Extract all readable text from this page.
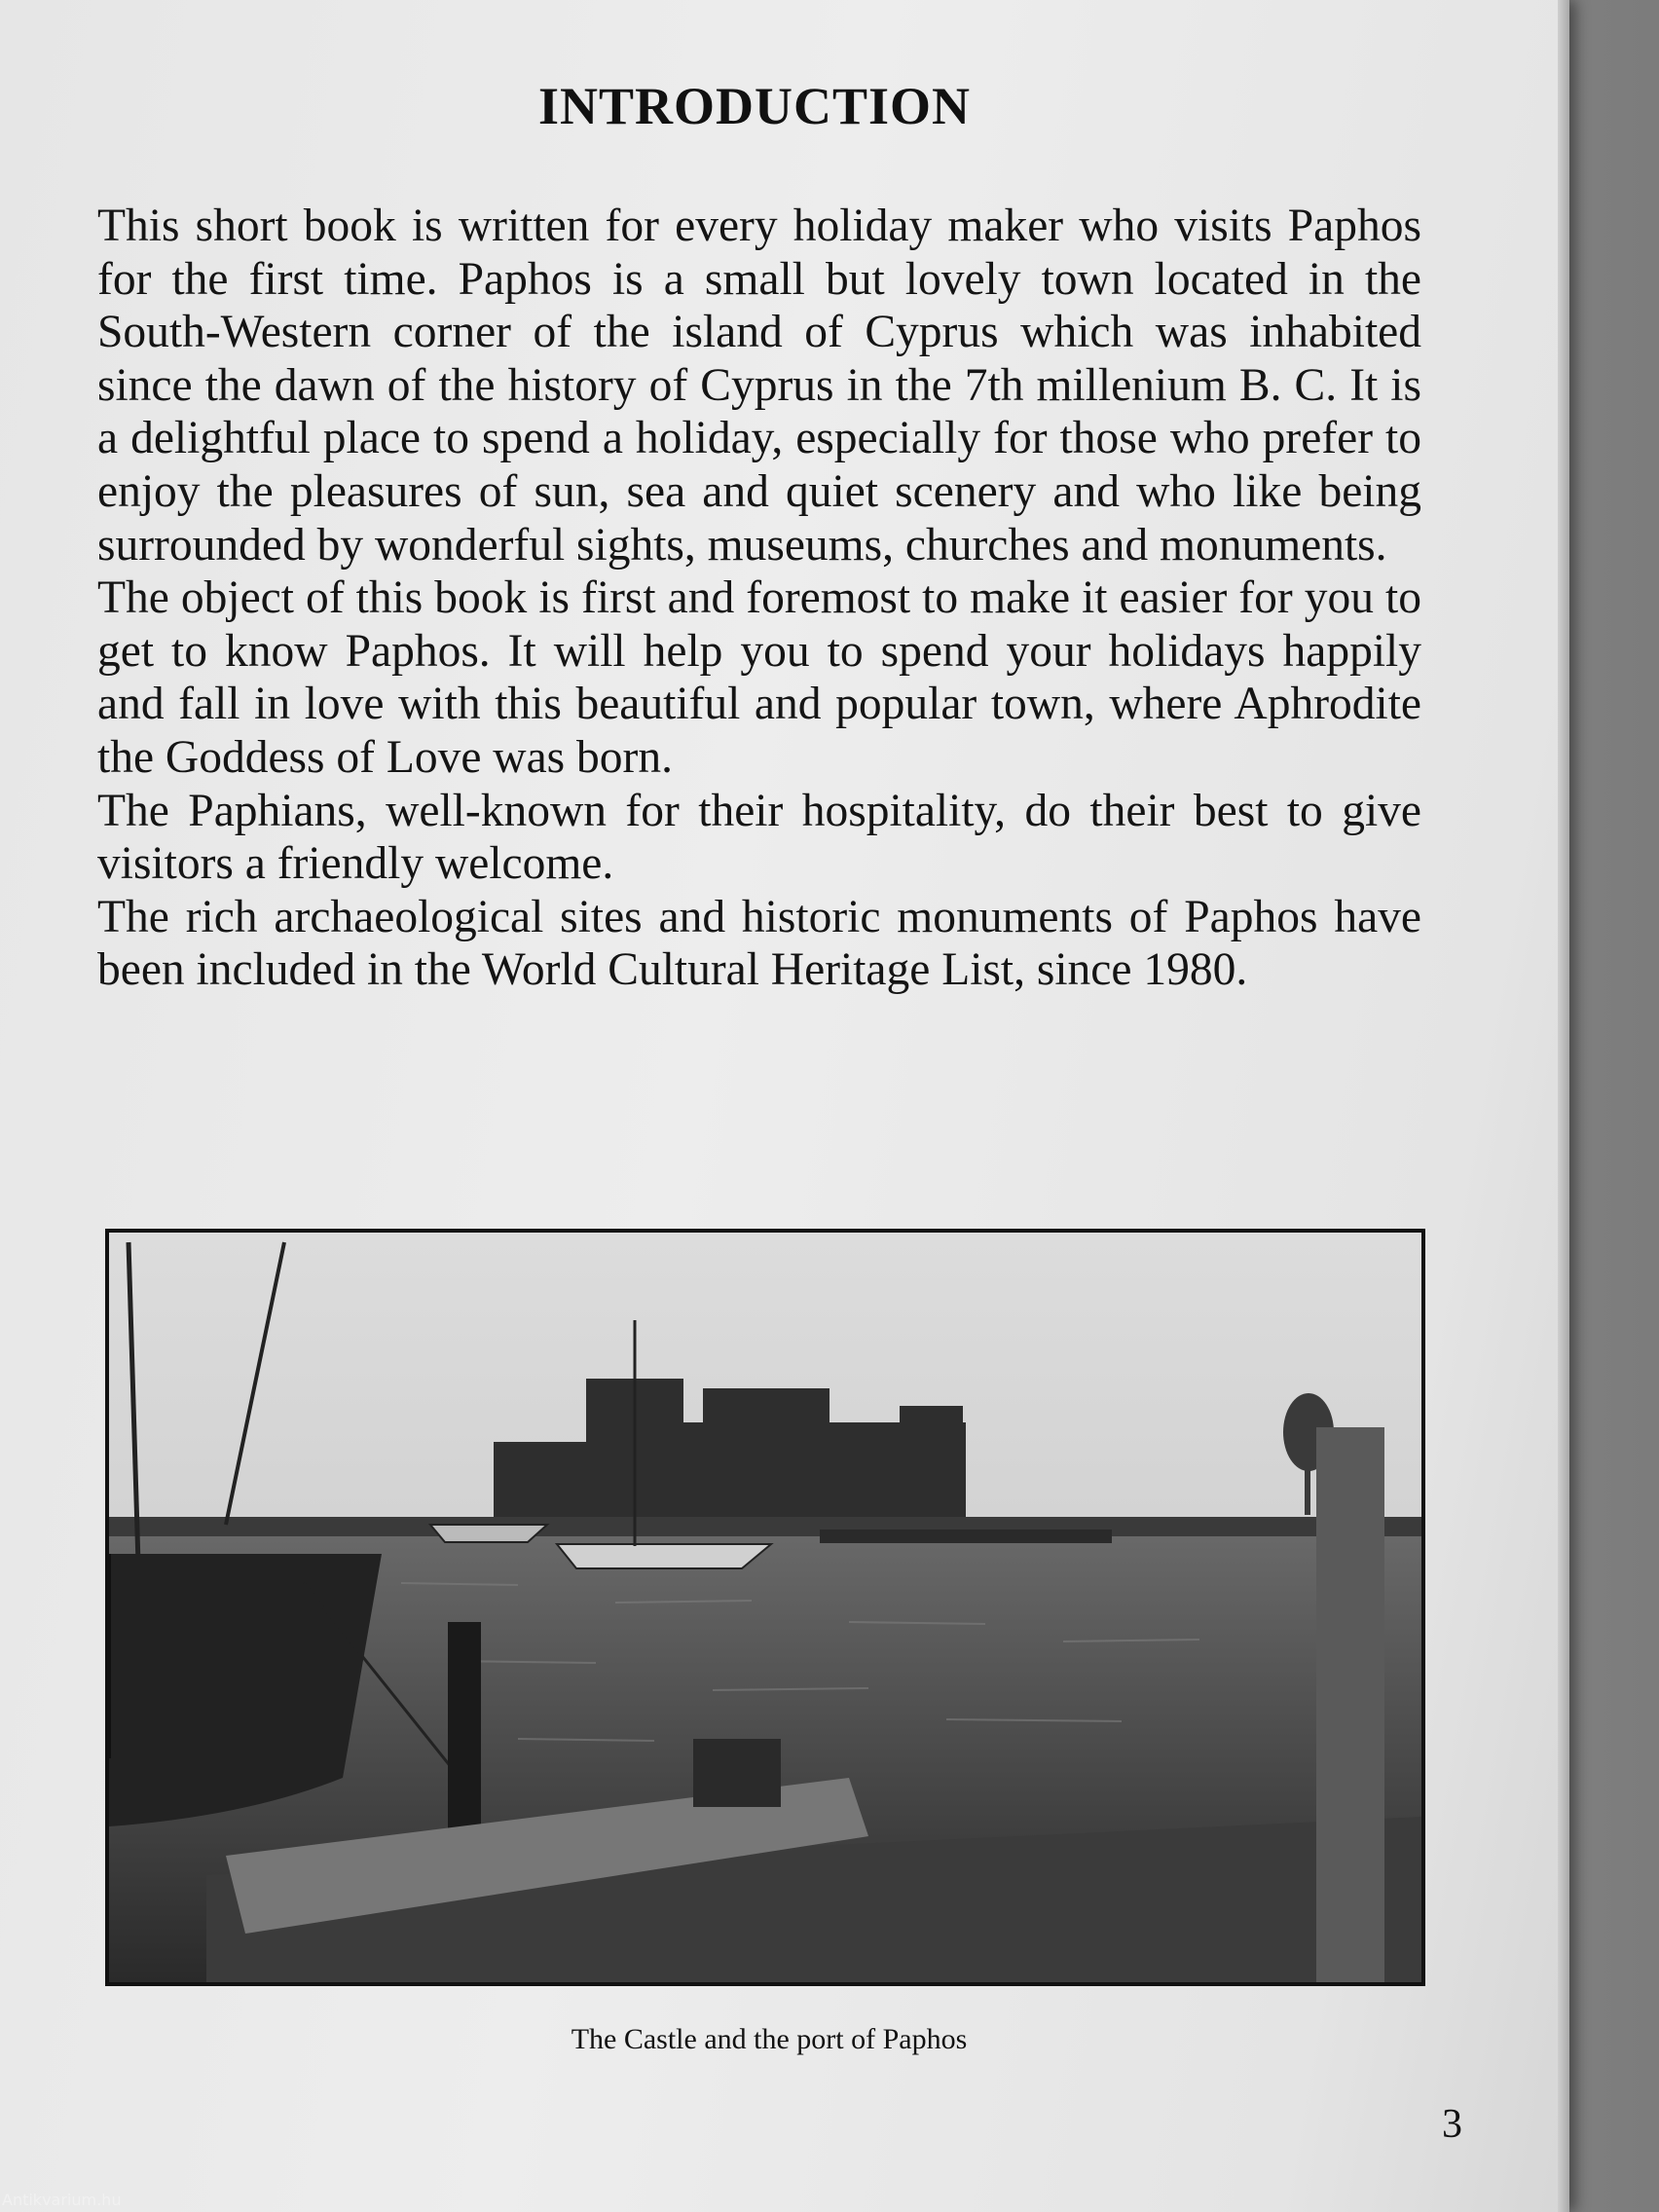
INTRODUCTION

This short book is written for every holiday maker who visits Paphos for the first time. Paphos is a small but lovely town located in the South-Western corner of the island of Cyprus which was inhabited since the dawn of the history of Cyprus in the 7th millenium B. C. It is a delightful place to spend a holiday, especially for those who prefer to enjoy the pleasures of sun, sea and quiet scenery and who like being surrounded by wonderful sights, museums, churches and monuments.

The object of this book is first and foremost to make it easier for you to get to know Paphos. It will help you to spend your holidays happily and fall in love with this beautiful and popular town, where Aphrodite the Goddess of Love was born.

The Paphians, well-known for their hospitality, do their best to give visitors a friendly welcome.

The rich archaeological sites and historic monuments of Paphos have been included in the World Cultural Heritage List, since 1980.

The Castle and the port of Paphos
3
Antikvarium.hu
